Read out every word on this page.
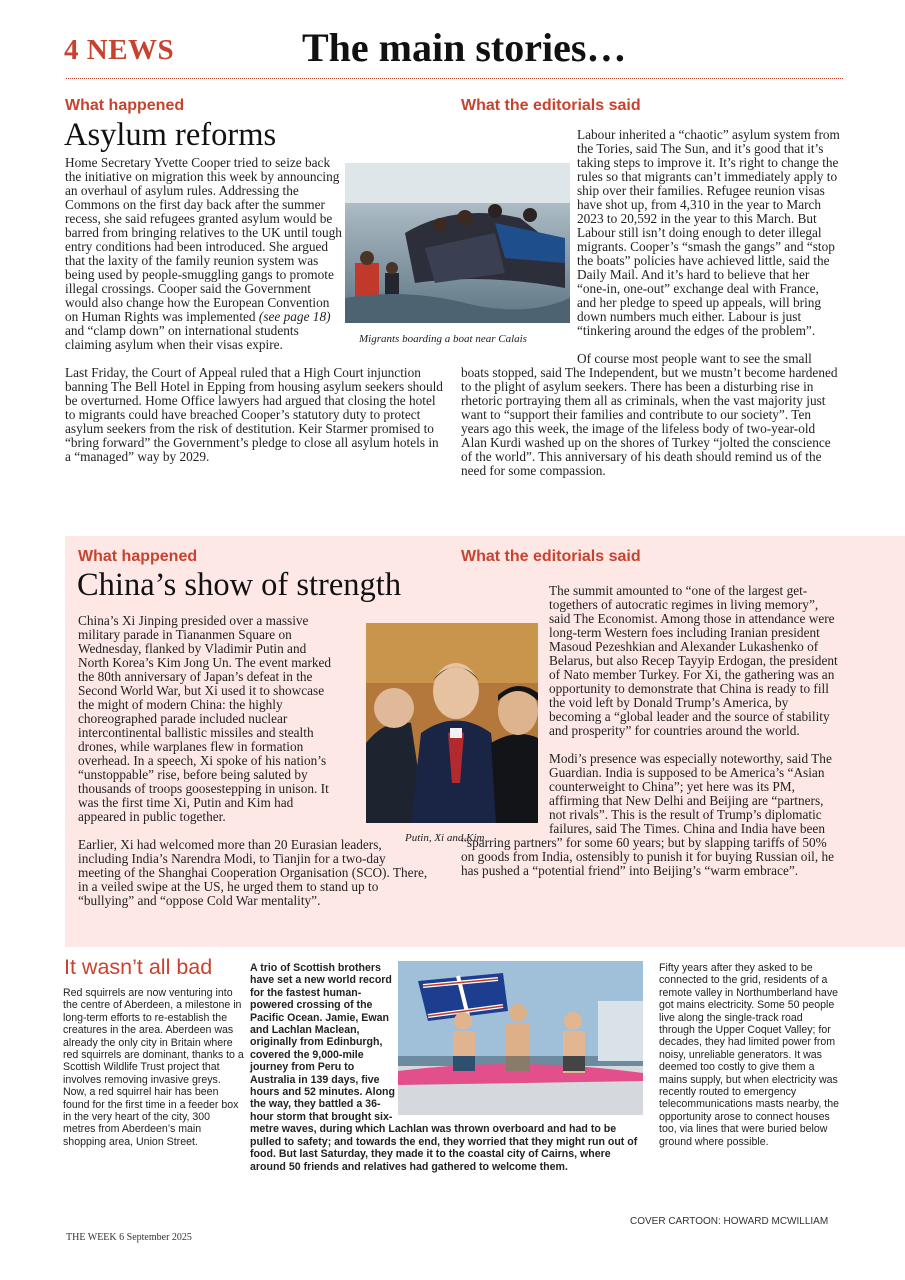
4 NEWS	The main stories…
What happened
Asylum reforms

Home Secretary Yvette Cooper tried to seize back the initiative on migration this week by announcing an overhaul of asylum rules. Addressing the Commons on the first day back after the summer recess, she said refugees granted asylum would be barred from bringing relatives to the UK until tough entry conditions had been introduced. She argued that the laxity of the family reunion system was being used by people-smuggling gangs to promote illegal crossings. Cooper said the Government would also change how the European Convention on Human Rights was implemented (see page 18) and “clamp down” on international students claiming asylum when their visas expire.

Last Friday, the Court of Appeal ruled that a High Court injunction banning The Bell Hotel in Epping from housing asylum seekers should be overturned. Home Office lawyers had argued that closing the hotel to migrants could have breached Cooper’s statutory duty to protect asylum seekers from the risk of destitution. Keir Starmer promised to “bring forward” the Government’s pledge to close all asylum hotels in a “managed” way by 2029.

Migrants boarding a boat near Calais
What the editorials said

Labour inherited a “chaotic” asylum system from the Tories, said The Sun, and it’s good that it’s taking steps to improve it. It’s right to change the rules so that migrants can’t immediately apply to ship over their families. Refugee reunion visas have shot up, from 4,310 in the year to March 2023 to 20,592 in the year to this March. But Labour still isn’t doing enough to deter illegal migrants. Cooper’s “smash the gangs” and “stop the boats” policies have achieved little, said the Daily Mail. And it’s hard to believe that her “one-in, one-out” exchange deal with France, and her pledge to speed up appeals, will bring down numbers much either. Labour is just “tinkering around the edges of the problem”.

Of course most people want to see the small boats stopped, said The Independent, but we mustn’t become hardened to the plight of asylum seekers. There has been a disturbing rise in rhetoric portraying them all as criminals, when the vast majority just want to “support their families and contribute to our society”. Ten years ago this week, the image of the lifeless body of two-year-old Alan Kurdi washed up on the shores of Turkey “jolted the conscience of the world”. This anniversary of his death should remind us of the need for some compassion.

What happened
China’s show of strength

China’s Xi Jinping presided over a massive military parade in Tiananmen Square on Wednesday, flanked by Vladimir Putin and North Korea’s Kim Jong Un. The event marked the 80th anniversary of Japan’s defeat in the Second World War, but Xi used it to showcase the might of modern China: the highly choreographed parade included nuclear intercontinental ballistic missiles and stealth drones, while warplanes flew in formation overhead. In a speech, Xi spoke of his nation’s “unstoppable” rise, before being saluted by thousands of troops goosestepping in unison. It was the first time Xi, Putin and Kim had appeared in public together.

Earlier, Xi had welcomed more than 20 Eurasian leaders, including India’s Narendra Modi, to Tianjin for a two-day meeting of the Shanghai Cooperation Organisation (SCO). There, in a veiled swipe at the US, he urged them to stand up to “bullying” and “oppose Cold War mentality”.

Putin, Xi and Kim
What the editorials said

The summit amounted to “one of the largest get-togethers of autocratic regimes in living memory”, said The Economist. Among those in attendance were long-term Western foes including Iranian president Masoud Pezeshkian and Alexander Lukashenko of Belarus, but also Recep Tayyip Erdogan, the president of Nato member Turkey. For Xi, the gathering was an opportunity to demonstrate that China is ready to fill the void left by Donald Trump’s America, by becoming a “global leader and the source of stability and prosperity” for countries around the world.

Modi’s presence was especially noteworthy, said The Guardian. India is supposed to be America’s “Asian counterweight to China”; yet here was its PM, affirming that New Delhi and Beijing are “partners, not rivals”. This is the result of Trump’s diplomatic failures, said The Times. China and India have been “sparring partners” for some 60 years; but by slapping tariffs of 50% on goods from India, ostensibly to punish it for buying Russian oil, he has pushed a “potential friend” into Beijing’s “warm embrace”.

It wasn’t all bad
Red squirrels are now venturing into the centre of Aberdeen, a milestone in long-term efforts to re-establish the creatures in the area. Aberdeen was already the only city in Britain where red squirrels are dominant, thanks to a Scottish Wildlife Trust project that involves removing invasive greys. Now, a red squirrel hair has been found for the first time in a feeder box in the very heart of the city, 300 metres from Aberdeen’s main shopping area, Union Street.
A trio of Scottish brothers have set a new world record for the fastest human-powered crossing of the Pacific Ocean. Jamie, Ewan and Lachlan Maclean, originally from Edinburgh, covered the 9,000-mile journey from Peru to Australia in 139 days, five hours and 52 minutes. Along the way, they battled a 36-hour storm that brought six-metre waves, during which Lachlan was thrown overboard and had to be pulled to safety; and towards the end, they worried that they might run out of food. But last Saturday, they made it to the coastal city of Cairns, where around 50 friends and relatives had gathered to welcome them.
Fifty years after they asked to be connected to the grid, residents of a remote valley in Northumberland have got mains electricity. Some 50 people live along the single-track road through the Upper Coquet Valley; for decades, they had limited power from noisy, unreliable generators. It was deemed too costly to give them a mains supply, but when electricity was recently routed to emergency telecommunications masts nearby, the opportunity arose to connect houses too, via lines that were buried below ground where possible.
COVER CARTOON: HOWARD MCWILLIAM
THE WEEK 6 September 2025
